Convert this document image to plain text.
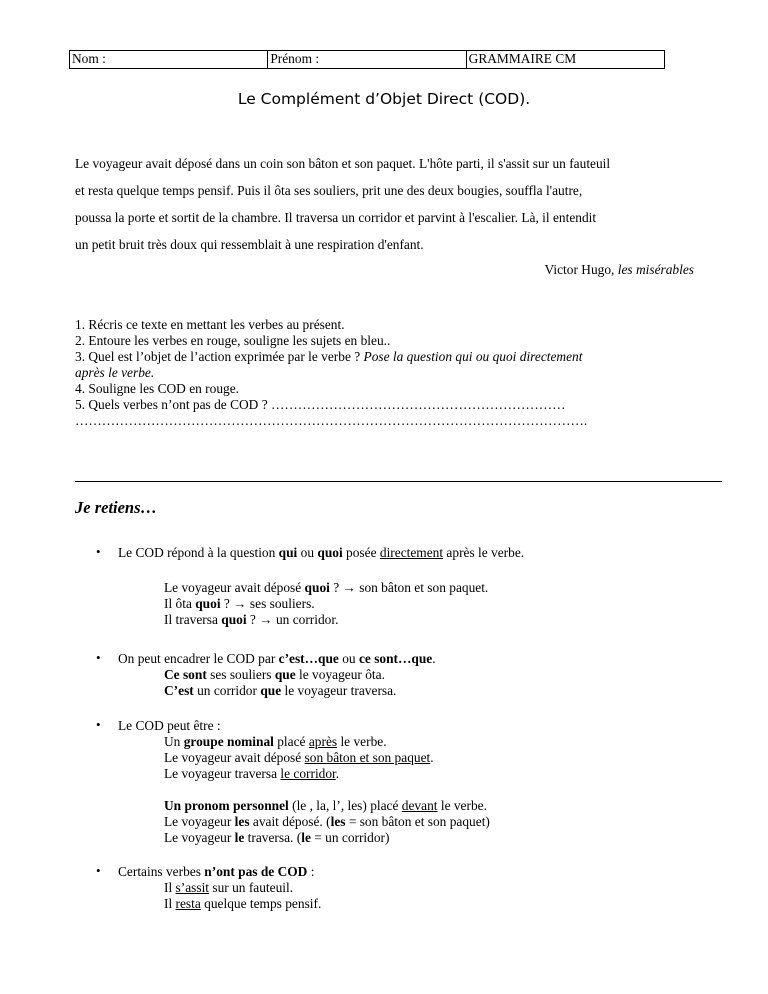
Nom :	Prénom :	GRAMMAIRE CM
Le Complément d’Objet Direct (COD).

Le voyageur avait déposé dans un coin son bâton et son paquet. L'hôte parti, il s'assit sur un fauteuil

et resta quelque temps pensif. Puis il ôta ses souliers, prit une des deux bougies, souffla l'autre,

poussa la porte et sortit de la chambre. Il traversa un corridor et parvint à l'escalier. Là, il entendit

un petit bruit très doux qui ressemblait à une respiration d'enfant.

Victor Hugo, les misérables

1. Récris ce texte en mettant les verbes au présent.

2. Entoure les verbes en rouge, souligne les sujets en bleu..

3. Quel est l’objet de l’action exprimée par le verbe ? Pose la question qui ou quoi directement

après le verbe.

4. Souligne les COD en rouge.

5. Quels verbes n’ont pas de COD ? …………………………………………………………

…………………………………………………………………………………………………….

Je retiens…
•	Le COD répond à la question qui ou quoi posée directement après le verbe.

Le voyageur avait déposé quoi ? → son bâton et son paquet.

Il ôta quoi ? → ses souliers.

Il traversa quoi ? → un corridor.

•	On peut encadrer le COD par c’est…que ou ce sont…que.

Ce sont ses souliers que le voyageur ôta.

C’est un corridor que le voyageur traversa.

•	Le COD peut être :

Un groupe nominal placé après le verbe.

Le voyageur avait déposé son bâton et son paquet.

Le voyageur traversa le corridor.

Un pronom personnel (le , la, l’, les) placé devant le verbe.

Le voyageur les avait déposé. (les = son bâton et son paquet)

Le voyageur le traversa. (le = un corridor)

•	Certains verbes n’ont pas de COD :

Il s’assit sur un fauteuil.

Il resta quelque temps pensif.
